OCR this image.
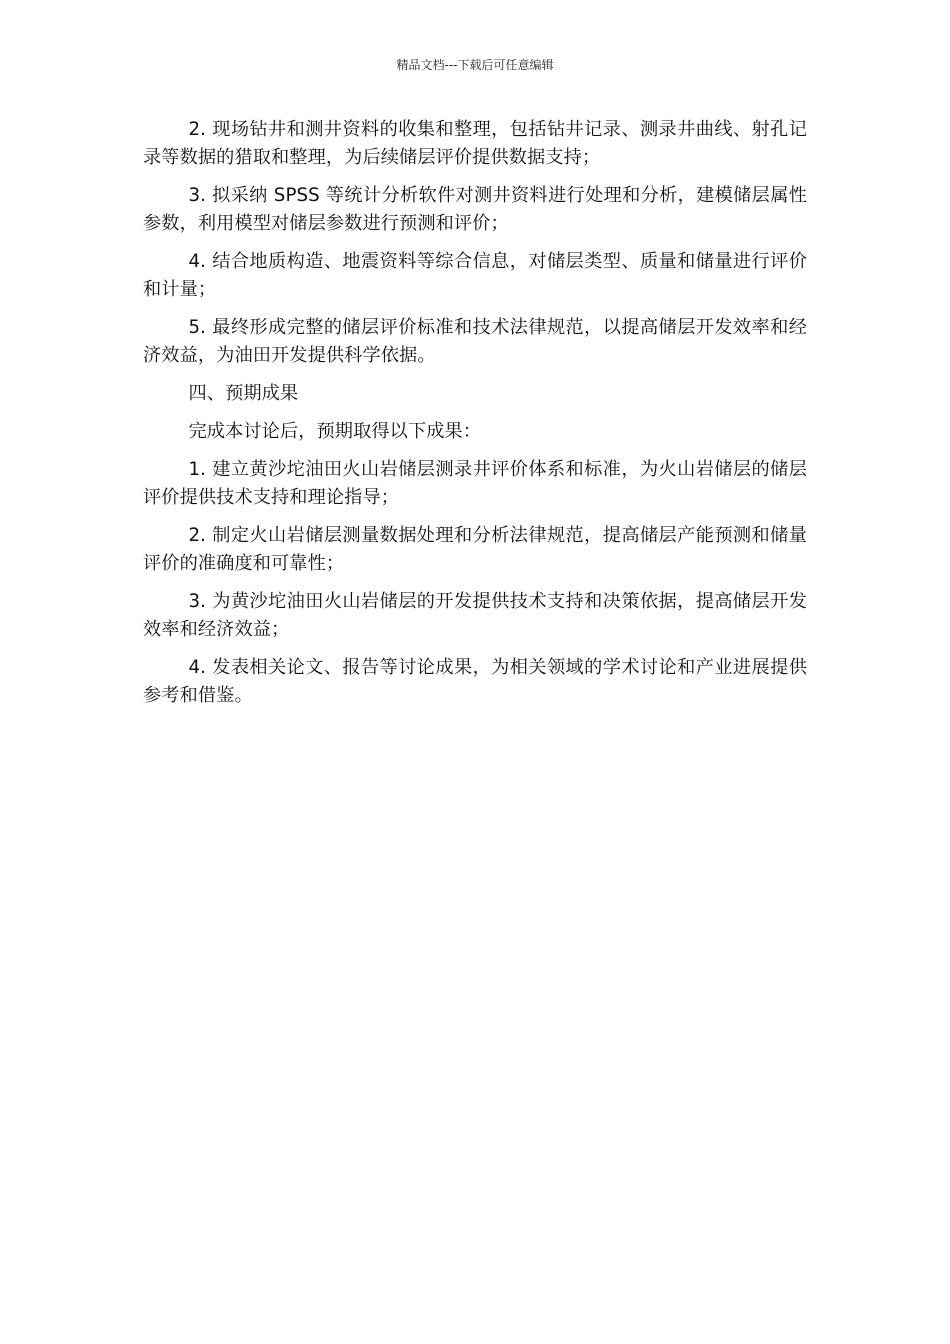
精品文档---下载后可任意编辑

2. 现场钻井和测井资料的收集和整理，包括钻井记录、测录井曲线、射孔记录等数据的猎取和整理，为后续储层评价提供数据支持；

3. 拟采纳 SPSS 等统计分析软件对测井资料进行处理和分析，建模储层属性参数，利用模型对储层参数进行预测和评价；

4. 结合地质构造、地震资料等综合信息，对储层类型、质量和储量进行评价和计量；

5. 最终形成完整的储层评价标准和技术法律规范，以提高储层开发效率和经济效益，为油田开发提供科学依据。

四、预期成果

完成本讨论后，预期取得以下成果：

1. 建立黄沙坨油田火山岩储层测录井评价体系和标准，为火山岩储层的储层评价提供技术支持和理论指导；

2. 制定火山岩储层测量数据处理和分析法律规范，提高储层产能预测和储量评价的准确度和可靠性；

3. 为黄沙坨油田火山岩储层的开发提供技术支持和决策依据，提高储层开发效率和经济效益；

4. 发表相关论文、报告等讨论成果，为相关领域的学术讨论和产业进展提供参考和借鉴。
